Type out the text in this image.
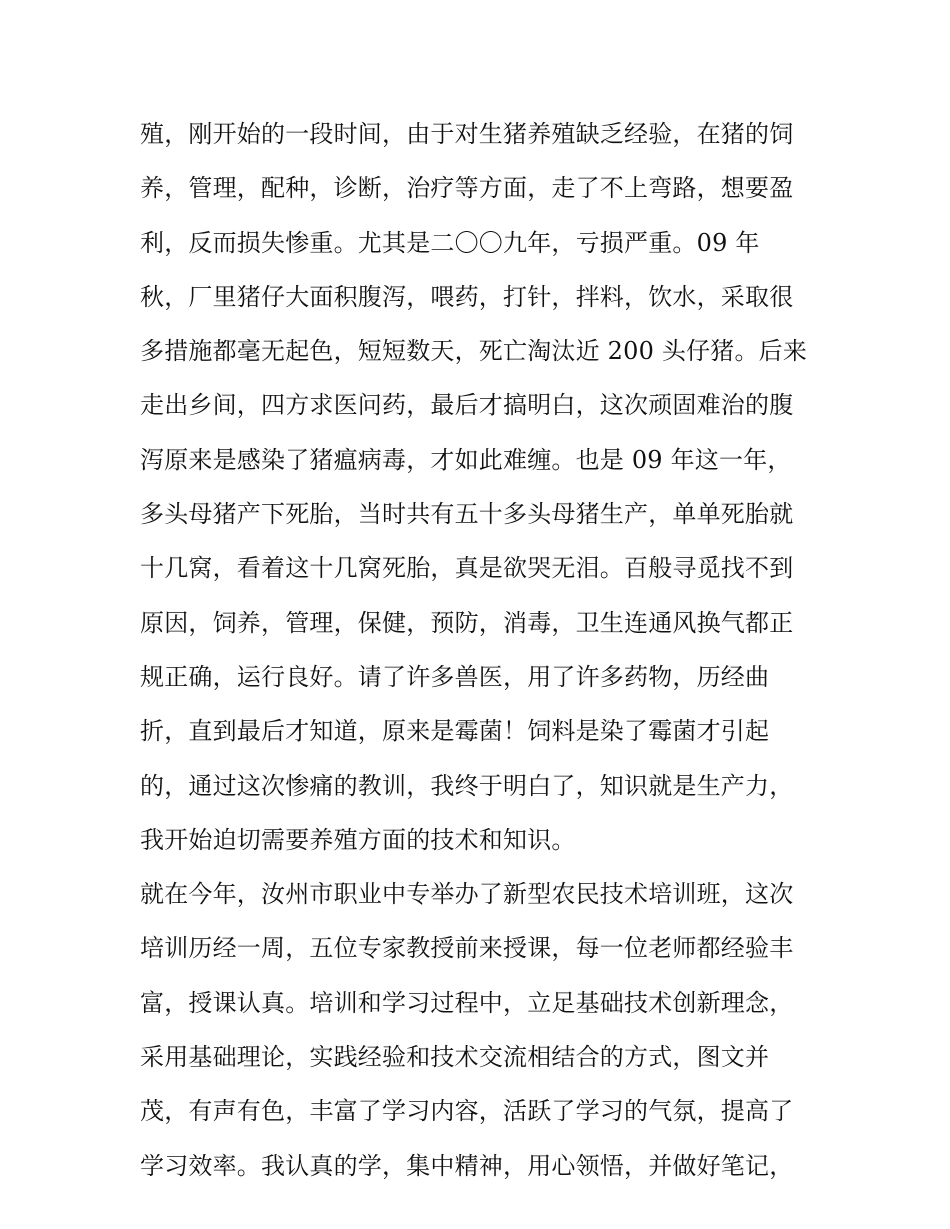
殖，刚开始的一段时间，由于对生猪养殖缺乏经验，在猪的饲
养，管理，配种，诊断，治疗等方面，走了不上弯路，想要盈
利，反而损失惨重。尤其是二〇〇九年，亏损严重。09 年
秋，厂里猪仔大面积腹泻，喂药，打针，拌料，饮水，采取很
多措施都毫无起色，短短数天，死亡淘汰近 200 头仔猪。后来
走出乡间，四方求医问药，最后才搞明白，这次顽固难治的腹
泻原来是感染了猪瘟病毒，才如此难缠。也是 09 年这一年，
多头母猪产下死胎，当时共有五十多头母猪生产，单单死胎就
十几窝，看着这十几窝死胎，真是欲哭无泪。百般寻觅找不到
原因，饲养，管理，保健，预防，消毒，卫生连通风换气都正
规正确，运行良好。请了许多兽医，用了许多药物，历经曲
折，直到最后才知道，原来是霉菌！饲料是染了霉菌才引起
的，通过这次惨痛的教训，我终于明白了，知识就是生产力，
我开始迫切需要养殖方面的技术和知识。
就在今年，汝州市职业中专举办了新型农民技术培训班，这次
培训历经一周，五位专家教授前来授课，每一位老师都经验丰
富，授课认真。培训和学习过程中，立足基础技术创新理念，
采用基础理论，实践经验和技术交流相结合的方式，图文并
茂，有声有色，丰富了学习内容，活跃了学习的气氛，提高了
学习效率。我认真的学，集中精神，用心领悟，并做好笔记，
